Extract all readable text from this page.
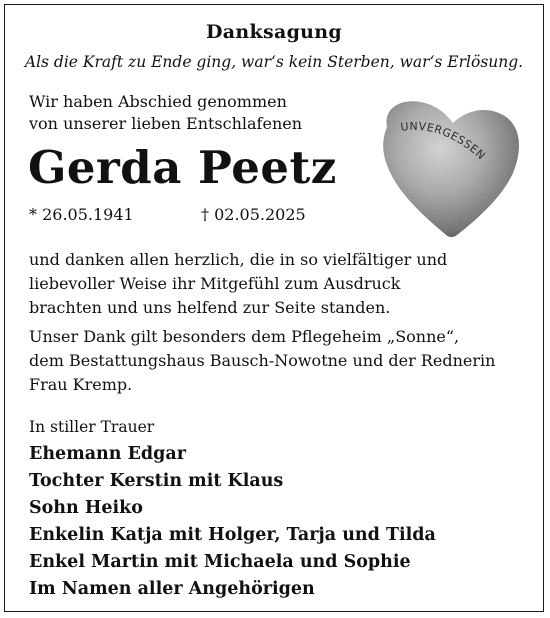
Danksagung
Als die Kraft zu Ende ging, war‘s kein Sterben, war‘s Erlösung.
Wir haben Abschied genommen
von unserer lieben Entschlafenen
Gerda Peetz
* 26.05.1941	† 02.05.2025
UNVERGESSEN
und danken allen herzlich, die in so vielfältiger und
liebevoller Weise ihr Mitgefühl zum Ausdruck
brachten und uns helfend zur Seite standen.
Unser Dank gilt besonders dem Pflegeheim „Sonne“,
dem Bestattungshaus Bausch-Nowotne und der Rednerin
Frau Kremp.
In stiller Trauer
Ehemann Edgar
Tochter Kerstin mit Klaus
Sohn Heiko
Enkelin Katja mit Holger, Tarja und Tilda
Enkel Martin mit Michaela und Sophie
Im Namen aller Angehörigen
